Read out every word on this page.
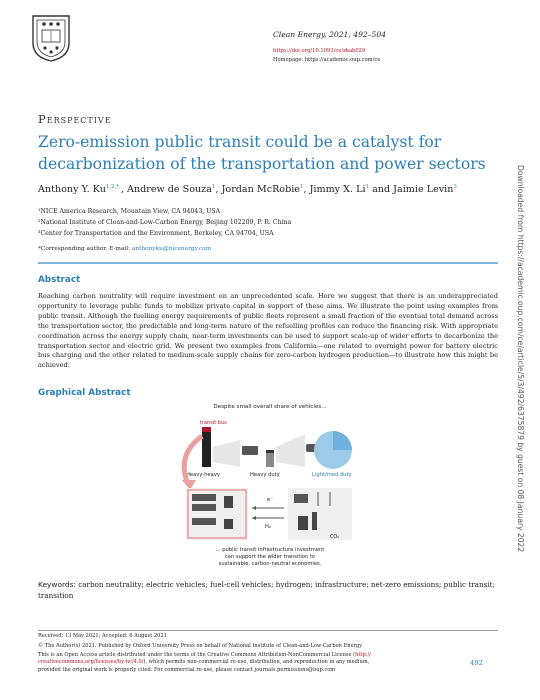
Clean Energy, 2021, 492–504
https://doi.org/10.1093/ce/zkab029
Homepage: https://academic.oup.com/ce
Perspective
Zero-emission public transit could be a catalyst for decarbonization of the transportation and power sectors
Anthony Y. $Ku^{1,2,*,}$, Andrew de Souza$^1$, Jordan McRobie$^1$, Jimmy X. Li$^1$ and Jaimie Levin$^3$
¹NICE America Research, Mountain View, CA 94043, USA
²National Institute of Clean-and-Low-Carbon Energy, Beijing 102209, P. R. China
³Center for Transportation and the Environment, Berkeley, CA 94704, USA
*Corresponding author. E-mail: anthonyku@nicenergy.com
Abstract
Reaching carbon neutrality will require investment on an unprecedented scale. Here we suggest that there is an underappreciated opportunity to leverage public funds to mobilize private capital in support of these aims. We illustrate the point using examples from public transit. Although the fuelling energy requirements of public fleets represent a small fraction of the eventual total demand across the transportation sector, the predictable and long-term nature of the refuelling profiles can reduce the financing risk. With appropriate coordination across the energy supply chain, near-term investments can be used to support scale-up of wider efforts to decarbonize the transportation sector and electric grid. We present two examples from California—one related to overnight power for battery electric bus charging and the other related to medium-scale supply chains for zero-carbon hydrogen production—to illustrate how this might be achieved.
Graphical Abstract
Despite small overall share of vehicles...
transit bus
Heavy-heavy	Heavy duty	Light/med duty
e⁻
H₂
CO₂
... public transit infrastructure investment
can support the wider transition to
sustainable, carbon-neutral economies.
Keywords: carbon neutrality; electric vehicles; fuel-cell vehicles; hydrogen; infrastructure; net-zero emissions; public transit; transition
Received: 13 May 2021; Accepted: 6 August 2021
© The Author(s) 2021. Published by Oxford University Press on behalf of National Institute of Clean-and-Low-Carbon Energy
This is an Open Access article distributed under the terms of the Creative Commons Attribution-NonCommercial License (http://
creativecommons.org/licenses/by-nc/4.0/), which permits non-commercial re-use, distribution, and reproduction in any medium,
provided the original work is properly cited. For commercial re-use, please contact journals.permissions@oup.com
492
Downloaded from https://academic.oup.com/ce/article/5/3/492/6375879 by guest on 08 January 2022
